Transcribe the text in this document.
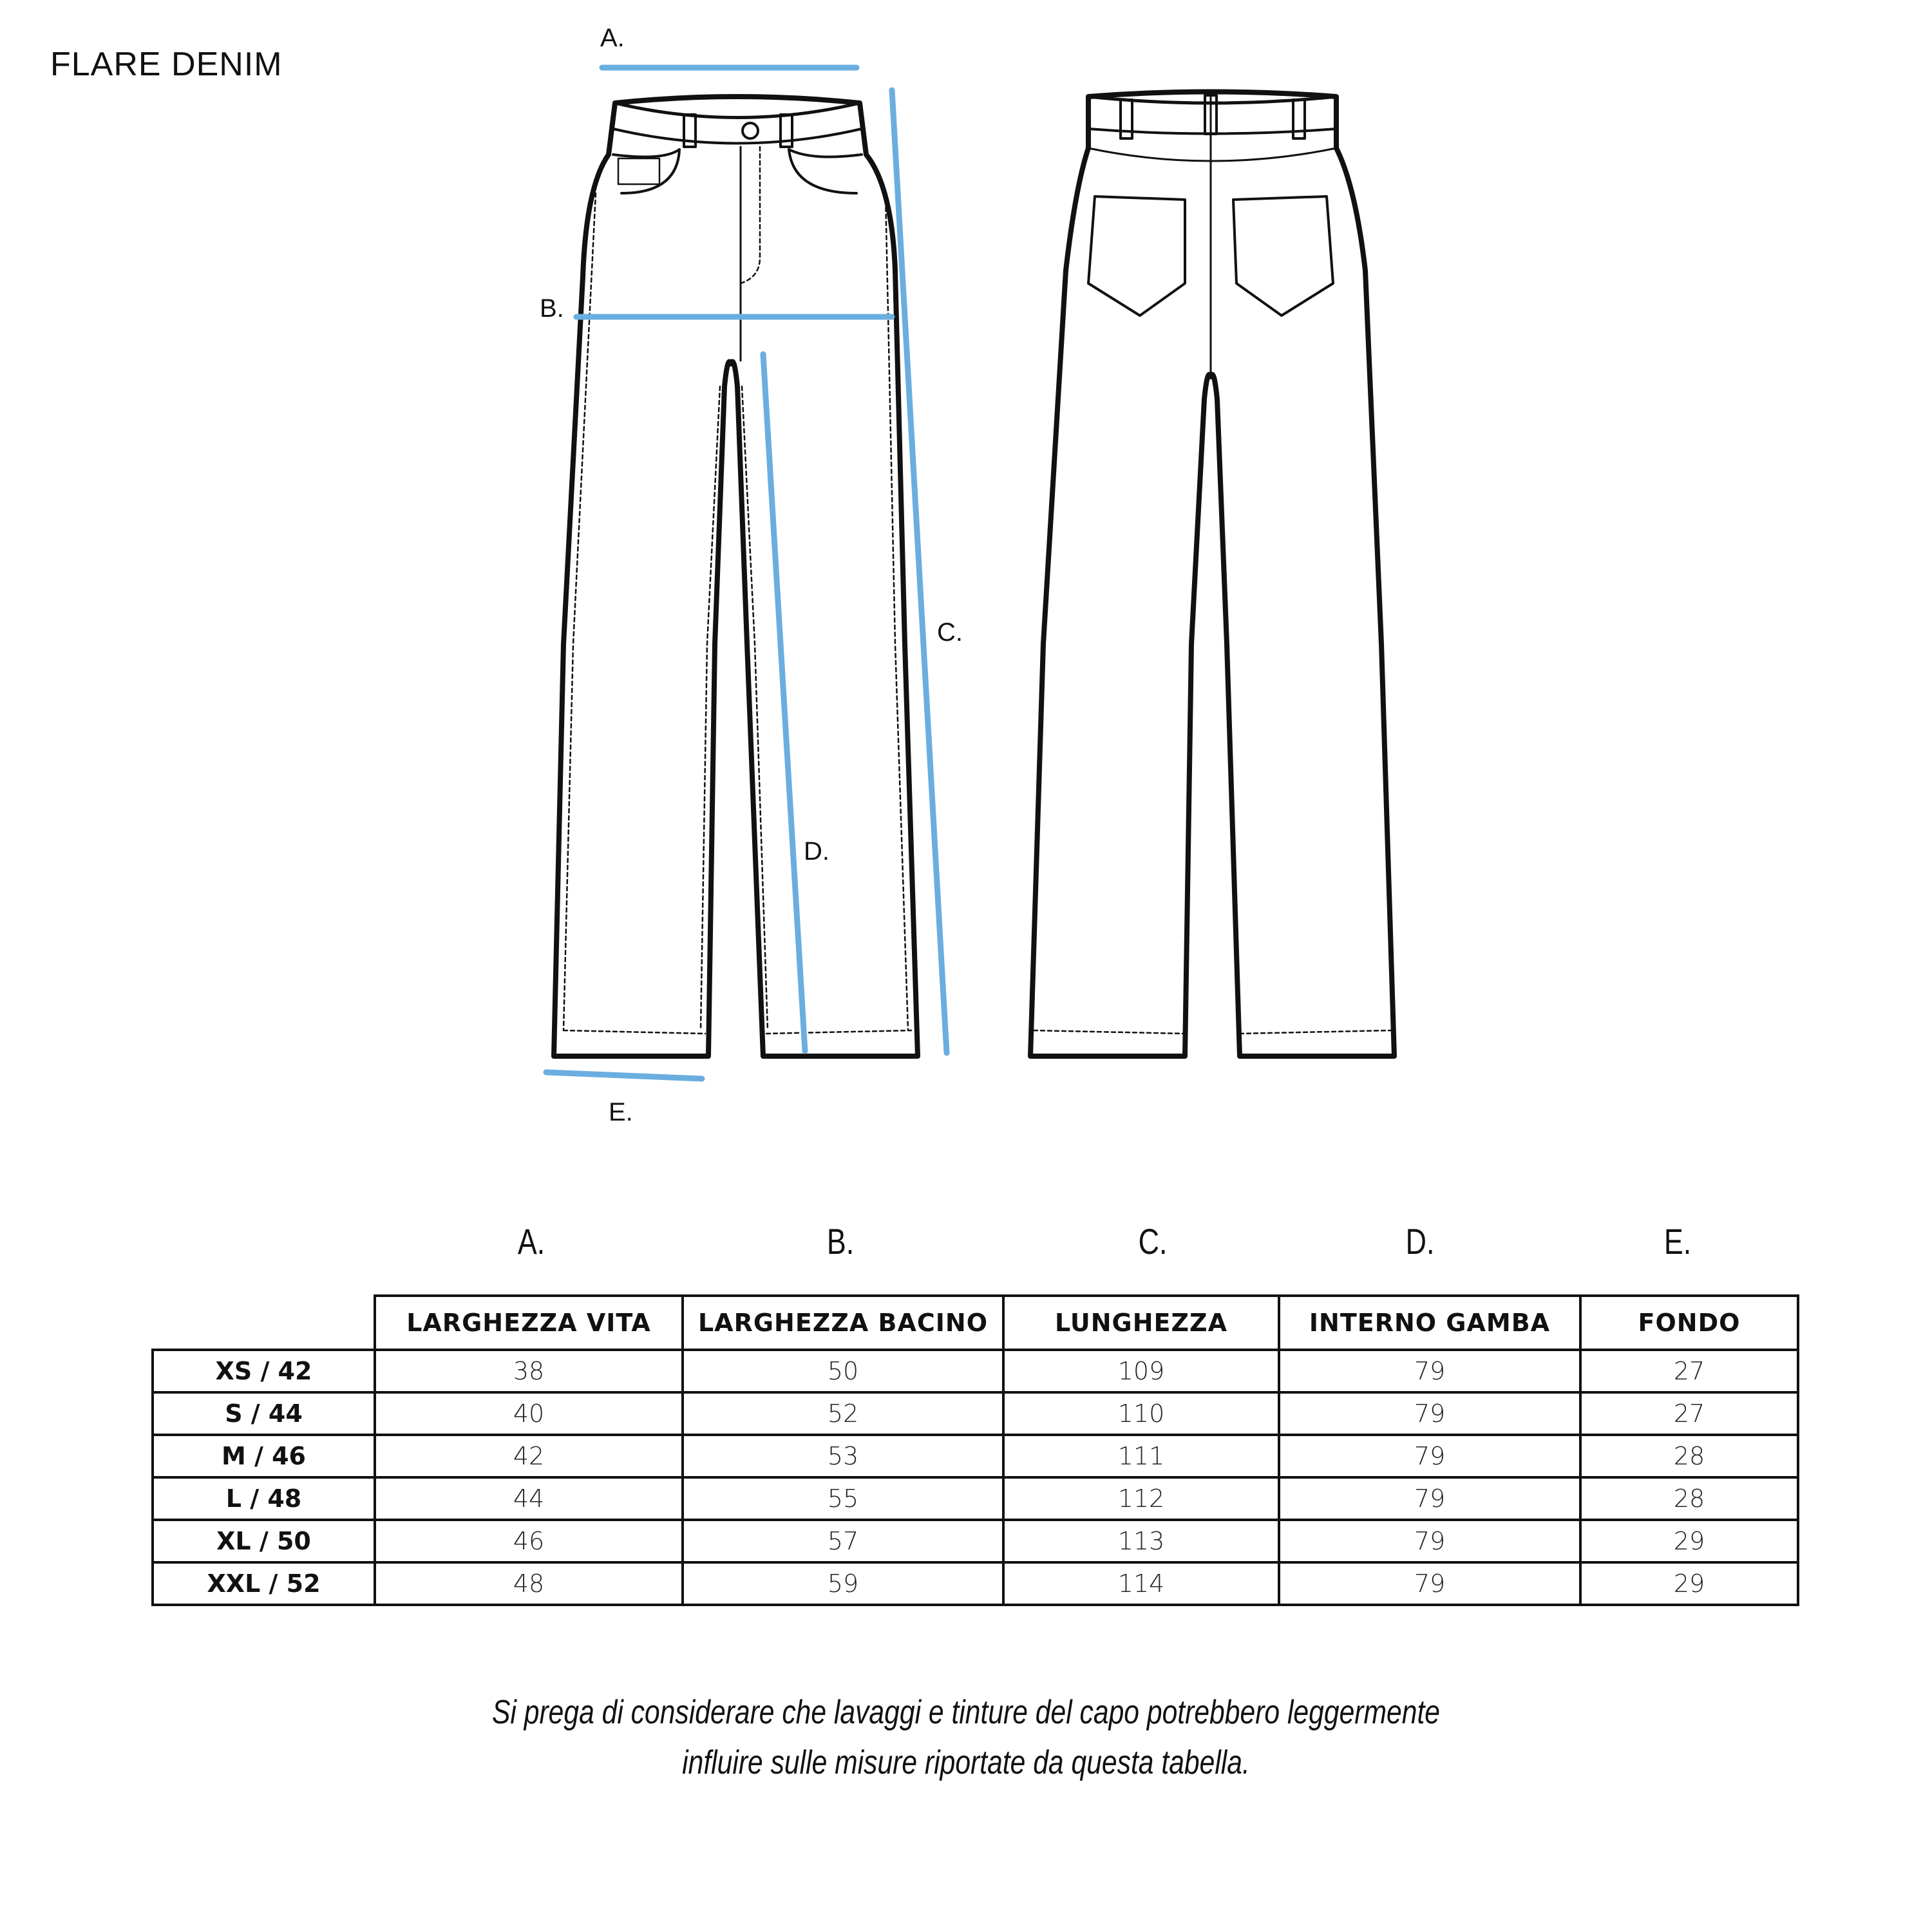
FLARE DENIM
A.
B.
C.
D.
E.
A.	B.	C.	D.	E.
	LARGHEZZA VITA	LARGHEZZA BACINO	LUNGHEZZA	INTERNO GAMBA	FONDO
XS / 42	38	50	109	79	27
S / 44	40	52	110	79	27
M / 46	42	53	111	79	28
L / 48	44	55	112	79	28
XL / 50	46	57	113	79	29
XXL / 52	48	59	114	79	29
Si prega di considerare che lavaggi e tinture del capo potrebbero leggermente
influire sulle misure riportate da questa tabella.
